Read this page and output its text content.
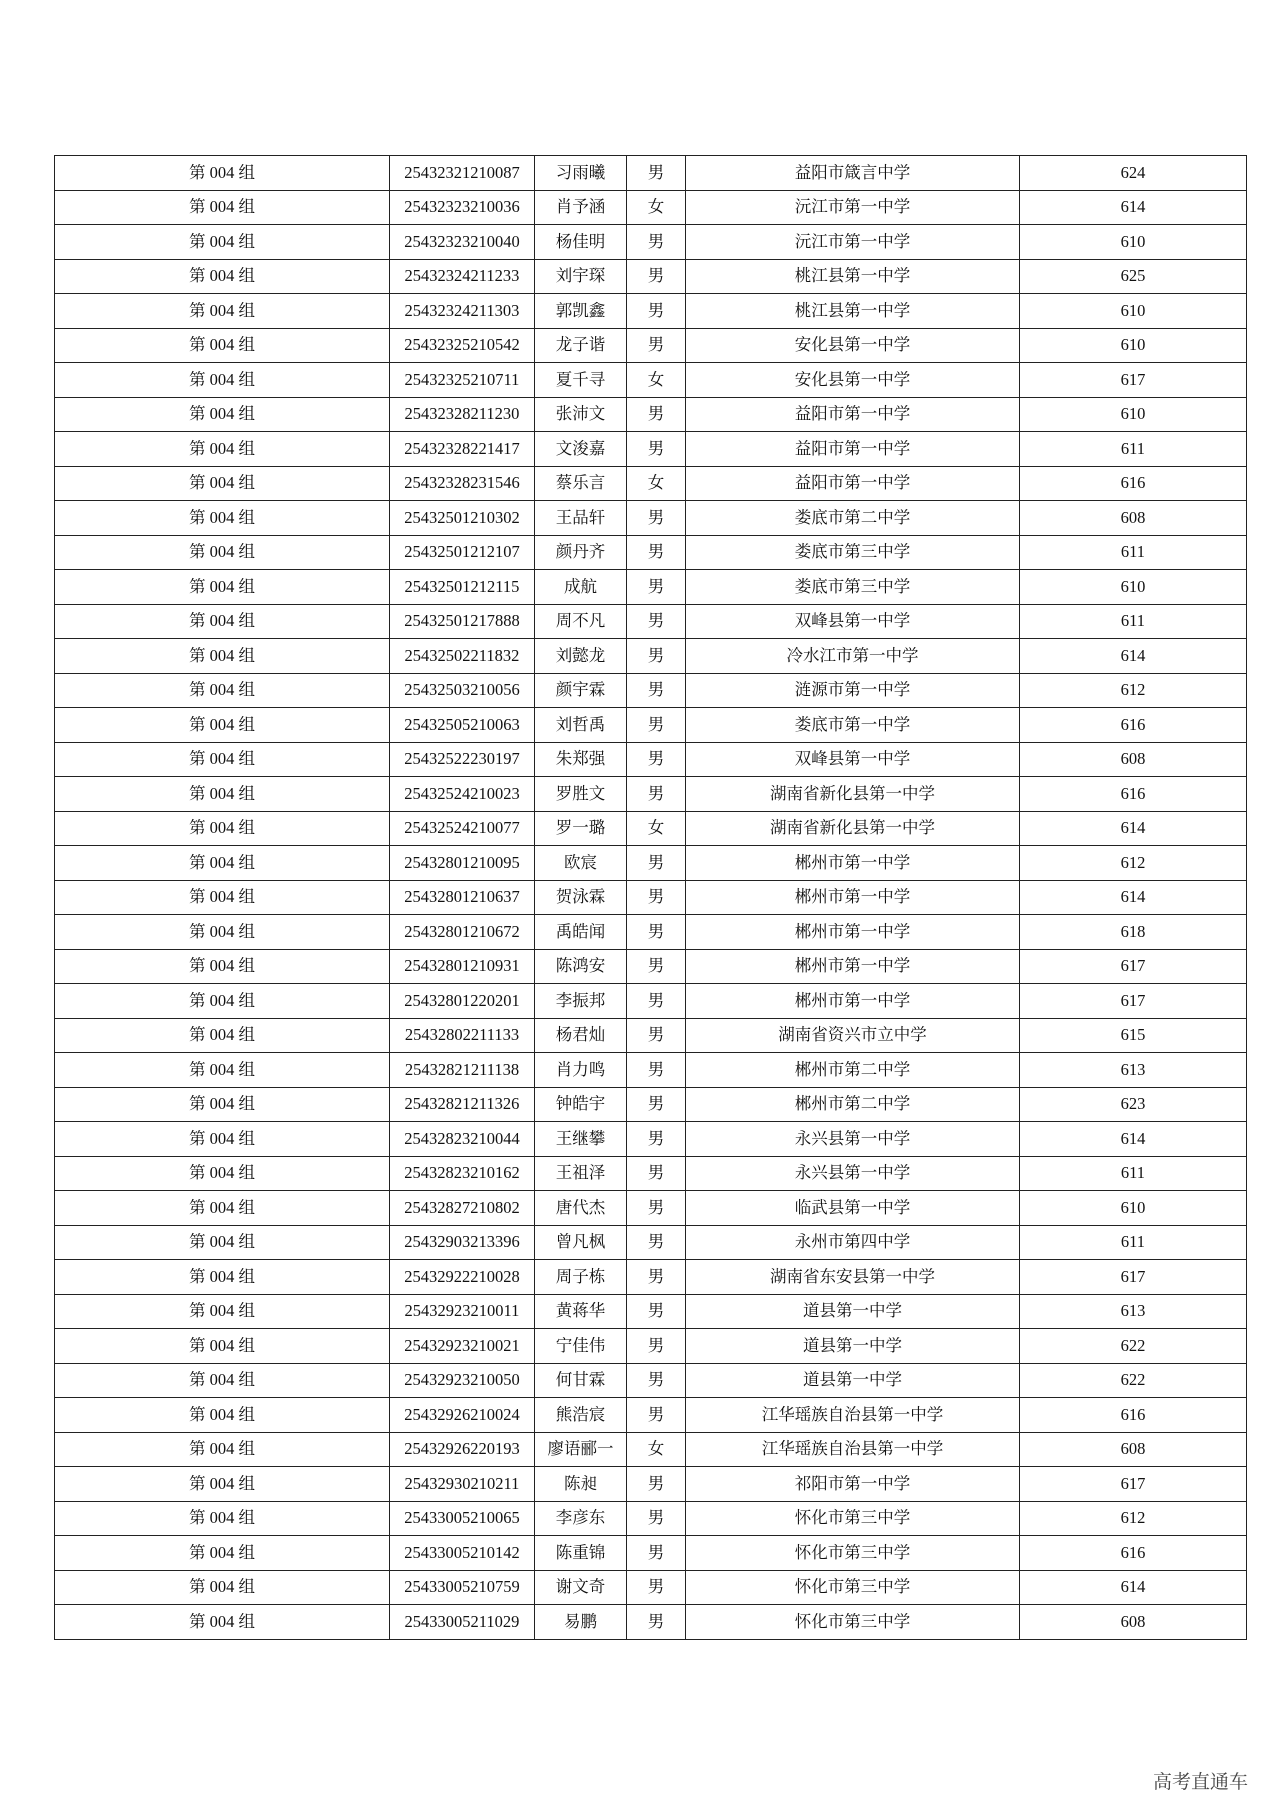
第 004 组	25432321210087	习雨曦	男	益阳市箴言中学	624
第 004 组	25432323210036	肖予涵	女	沅江市第一中学	614
第 004 组	25432323210040	杨佳明	男	沅江市第一中学	610
第 004 组	25432324211233	刘宇琛	男	桃江县第一中学	625
第 004 组	25432324211303	郭凯鑫	男	桃江县第一中学	610
第 004 组	25432325210542	龙子谐	男	安化县第一中学	610
第 004 组	25432325210711	夏千寻	女	安化县第一中学	617
第 004 组	25432328211230	张沛文	男	益阳市第一中学	610
第 004 组	25432328221417	文浚嘉	男	益阳市第一中学	611
第 004 组	25432328231546	蔡乐言	女	益阳市第一中学	616
第 004 组	25432501210302	王品轩	男	娄底市第二中学	608
第 004 组	25432501212107	颜丹齐	男	娄底市第三中学	611
第 004 组	25432501212115	成航	男	娄底市第三中学	610
第 004 组	25432501217888	周不凡	男	双峰县第一中学	611
第 004 组	25432502211832	刘懿龙	男	冷水江市第一中学	614
第 004 组	25432503210056	颜宇霖	男	涟源市第一中学	612
第 004 组	25432505210063	刘哲禹	男	娄底市第一中学	616
第 004 组	25432522230197	朱郑强	男	双峰县第一中学	608
第 004 组	25432524210023	罗胜文	男	湖南省新化县第一中学	616
第 004 组	25432524210077	罗一璐	女	湖南省新化县第一中学	614
第 004 组	25432801210095	欧宸	男	郴州市第一中学	612
第 004 组	25432801210637	贺泳霖	男	郴州市第一中学	614
第 004 组	25432801210672	禹皓闻	男	郴州市第一中学	618
第 004 组	25432801210931	陈鸿安	男	郴州市第一中学	617
第 004 组	25432801220201	李振邦	男	郴州市第一中学	617
第 004 组	25432802211133	杨君灿	男	湖南省资兴市立中学	615
第 004 组	25432821211138	肖力鸣	男	郴州市第二中学	613
第 004 组	25432821211326	钟皓宇	男	郴州市第二中学	623
第 004 组	25432823210044	王继攀	男	永兴县第一中学	614
第 004 组	25432823210162	王祖泽	男	永兴县第一中学	611
第 004 组	25432827210802	唐代杰	男	临武县第一中学	610
第 004 组	25432903213396	曾凡枫	男	永州市第四中学	611
第 004 组	25432922210028	周子栋	男	湖南省东安县第一中学	617
第 004 组	25432923210011	黄蒋华	男	道县第一中学	613
第 004 组	25432923210021	宁佳伟	男	道县第一中学	622
第 004 组	25432923210050	何甘霖	男	道县第一中学	622
第 004 组	25432926210024	熊浩宸	男	江华瑶族自治县第一中学	616
第 004 组	25432926220193	廖语郦一	女	江华瑶族自治县第一中学	608
第 004 组	25432930210211	陈昶	男	祁阳市第一中学	617
第 004 组	25433005210065	李彦东	男	怀化市第三中学	612
第 004 组	25433005210142	陈重锦	男	怀化市第三中学	616
第 004 组	25433005210759	谢文奇	男	怀化市第三中学	614
第 004 组	25433005211029	易鹏	男	怀化市第三中学	608
高考直通车
